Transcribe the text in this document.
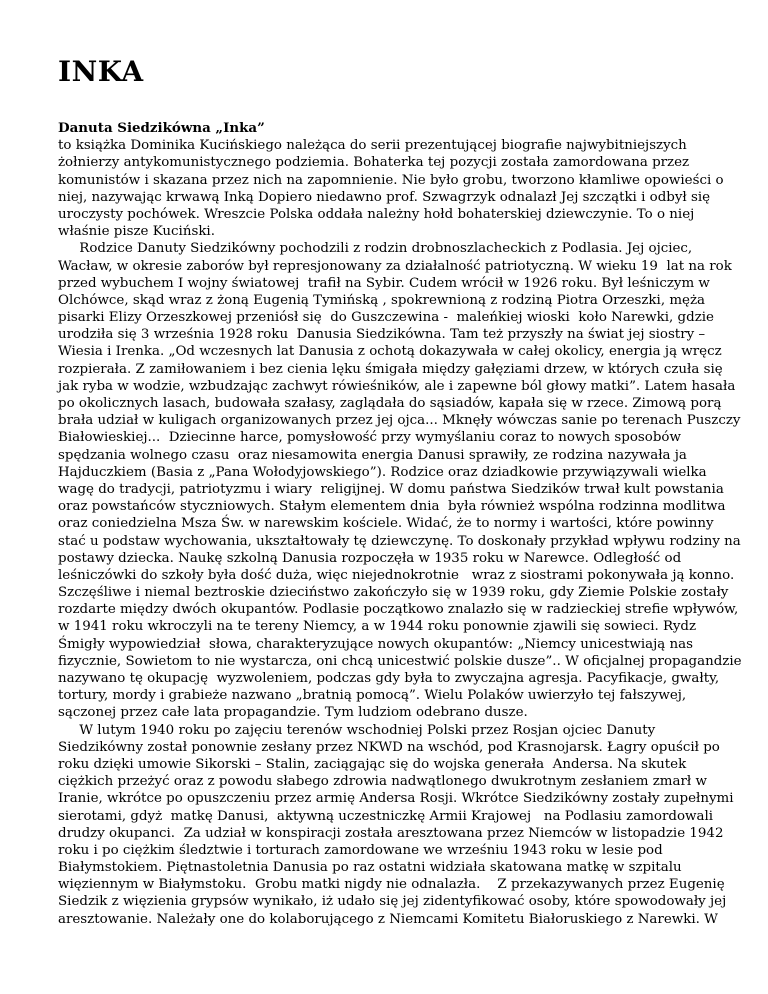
INKA
Danuta Siedzikówna „Inka”
to książka Dominika Kucińskiego należąca do serii prezentującej biografie najwybitniejszych
żołnierzy antykomunistycznego podziemia. Bohaterka tej pozycji została zamordowana przez
komunistów i skazana przez nich na zapomnienie. Nie było grobu, tworzono kłamliwe opowieści o
niej, nazywając krwawą Inką Dopiero niedawno prof. Szwagrzyk odnalazł Jej szczątki i odbył się
uroczysty pochówek. Wreszcie Polska oddała należny hołd bohaterskiej dziewczynie. To o niej
właśnie pisze Kuciński.
Rodzice Danuty Siedzikówny pochodzili z rodzin drobnoszlacheckich z Podlasia. Jej ojciec,
Wacław, w okresie zaborów był represjonowany za działalność patriotyczną. W wieku 19  lat na rok
przed wybuchem I wojny światowej  trafił na Sybir. Cudem wrócił w 1926 roku. Był leśniczym w
Olchówce, skąd wraz z żoną Eugenią Tymińską , spokrewnioną z rodziną Piotra Orzeszki, męża
pisarki Elizy Orzeszkowej przeniósł się  do Guszczewina -  maleńkiej wioski  koło Narewki, gdzie
urodziła się 3 września 1928 roku  Danusia Siedzikówna. Tam też przyszły na świat jej siostry –
Wiesia i Irenka. „Od wczesnych lat Danusia z ochotą dokazywała w całej okolicy, energia ją wręcz
rozpierała. Z zamiłowaniem i bez cienia lęku śmigała między gałęziami drzew, w których czuła się
jak ryba w wodzie, wzbudzając zachwyt rówieśników, ale i zapewne ból głowy matki”. Latem hasała
po okolicznych lasach, budowała szałasy, zaglądała do sąsiadów, kapała się w rzece. Zimową porą
brała udział w kuligach organizowanych przez jej ojca... Mknęły wówczas sanie po terenach Puszczy
Białowieskiej...  Dziecinne harce, pomysłowość przy wymyślaniu coraz to nowych sposobów
spędzania wolnego czasu  oraz niesamowita energia Danusi sprawiły, ze rodzina nazywała ja
Hajduczkiem (Basia z „Pana Wołodyjowskiego”). Rodzice oraz dziadkowie przywiązywali wielka
wagę do tradycji, patriotyzmu i wiary  religijnej. W domu państwa Siedzików trwał kult powstania
oraz powstańców styczniowych. Stałym elementem dnia  była również wspólna rodzinna modlitwa
oraz coniedzielna Msza Św. w narewskim kościele. Widać, że to normy i wartości, które powinny
stać u podstaw wychowania, ukształtowały tę dziewczynę. To doskonały przykład wpływu rodziny na
postawy dziecka. Naukę szkolną Danusia rozpoczęła w 1935 roku w Narewce. Odległość od
leśniczówki do szkoły była dość duża, więc niejednokrotnie   wraz z siostrami pokonywała ją konno.
Szczęśliwe i niemal beztroskie dzieciństwo zakończyło się w 1939 roku, gdy Ziemie Polskie zostały
rozdarte między dwóch okupantów. Podlasie początkowo znalazło się w radzieckiej strefie wpływów,
w 1941 roku wkroczyli na te tereny Niemcy, a w 1944 roku ponownie zjawili się sowieci. Rydz
Śmigły wypowiedział  słowa, charakteryzujące nowych okupantów: „Niemcy unicestwiają nas
fizycznie, Sowietom to nie wystarcza, oni chcą unicestwić polskie dusze”.. W oficjalnej propagandzie
nazywano tę okupację  wyzwoleniem, podczas gdy była to zwyczajna agresja. Pacyfikacje, gwałty,
tortury, mordy i grabieże nazwano „bratnią pomocą”. Wielu Polaków uwierzyło tej fałszywej,
sączonej przez całe lata propagandzie. Tym ludziom odebrano dusze.
W lutym 1940 roku po zajęciu terenów wschodniej Polski przez Rosjan ojciec Danuty
Siedzikówny został ponownie zesłany przez NKWD na wschód, pod Krasnojarsk. Łagry opuścił po
roku dzięki umowie Sikorski – Stalin, zaciągając się do wojska generała  Andersa. Na skutek
ciężkich przeżyć oraz z powodu słabego zdrowia nadwątlonego dwukrotnym zesłaniem zmarł w
Iranie, wkrótce po opuszczeniu przez armię Andersa Rosji. Wkrótce Siedzikówny zostały zupełnymi
sierotami, gdyż  matkę Danusi,  aktywną uczestniczkę Armii Krajowej   na Podlasiu zamordowali
drudzy okupanci.  Za udział w konspiracji została aresztowana przez Niemców w listopadzie 1942
roku i po ciężkim śledztwie i torturach zamordowane we wrześniu 1943 roku w lesie pod
Białymstokiem. Piętnastoletnia Danusia po raz ostatni widziała skatowana matkę w szpitalu
więziennym w Białymstoku.  Grobu matki nigdy nie odnalazła.    Z przekazywanych przez Eugenię
Siedzik z więzienia grypsów wynikało, iż udało się jej zidentyfikować osoby, które spowodowały jej
aresztowanie. Należały one do kolaborującego z Niemcami Komitetu Białoruskiego z Narewki. W
